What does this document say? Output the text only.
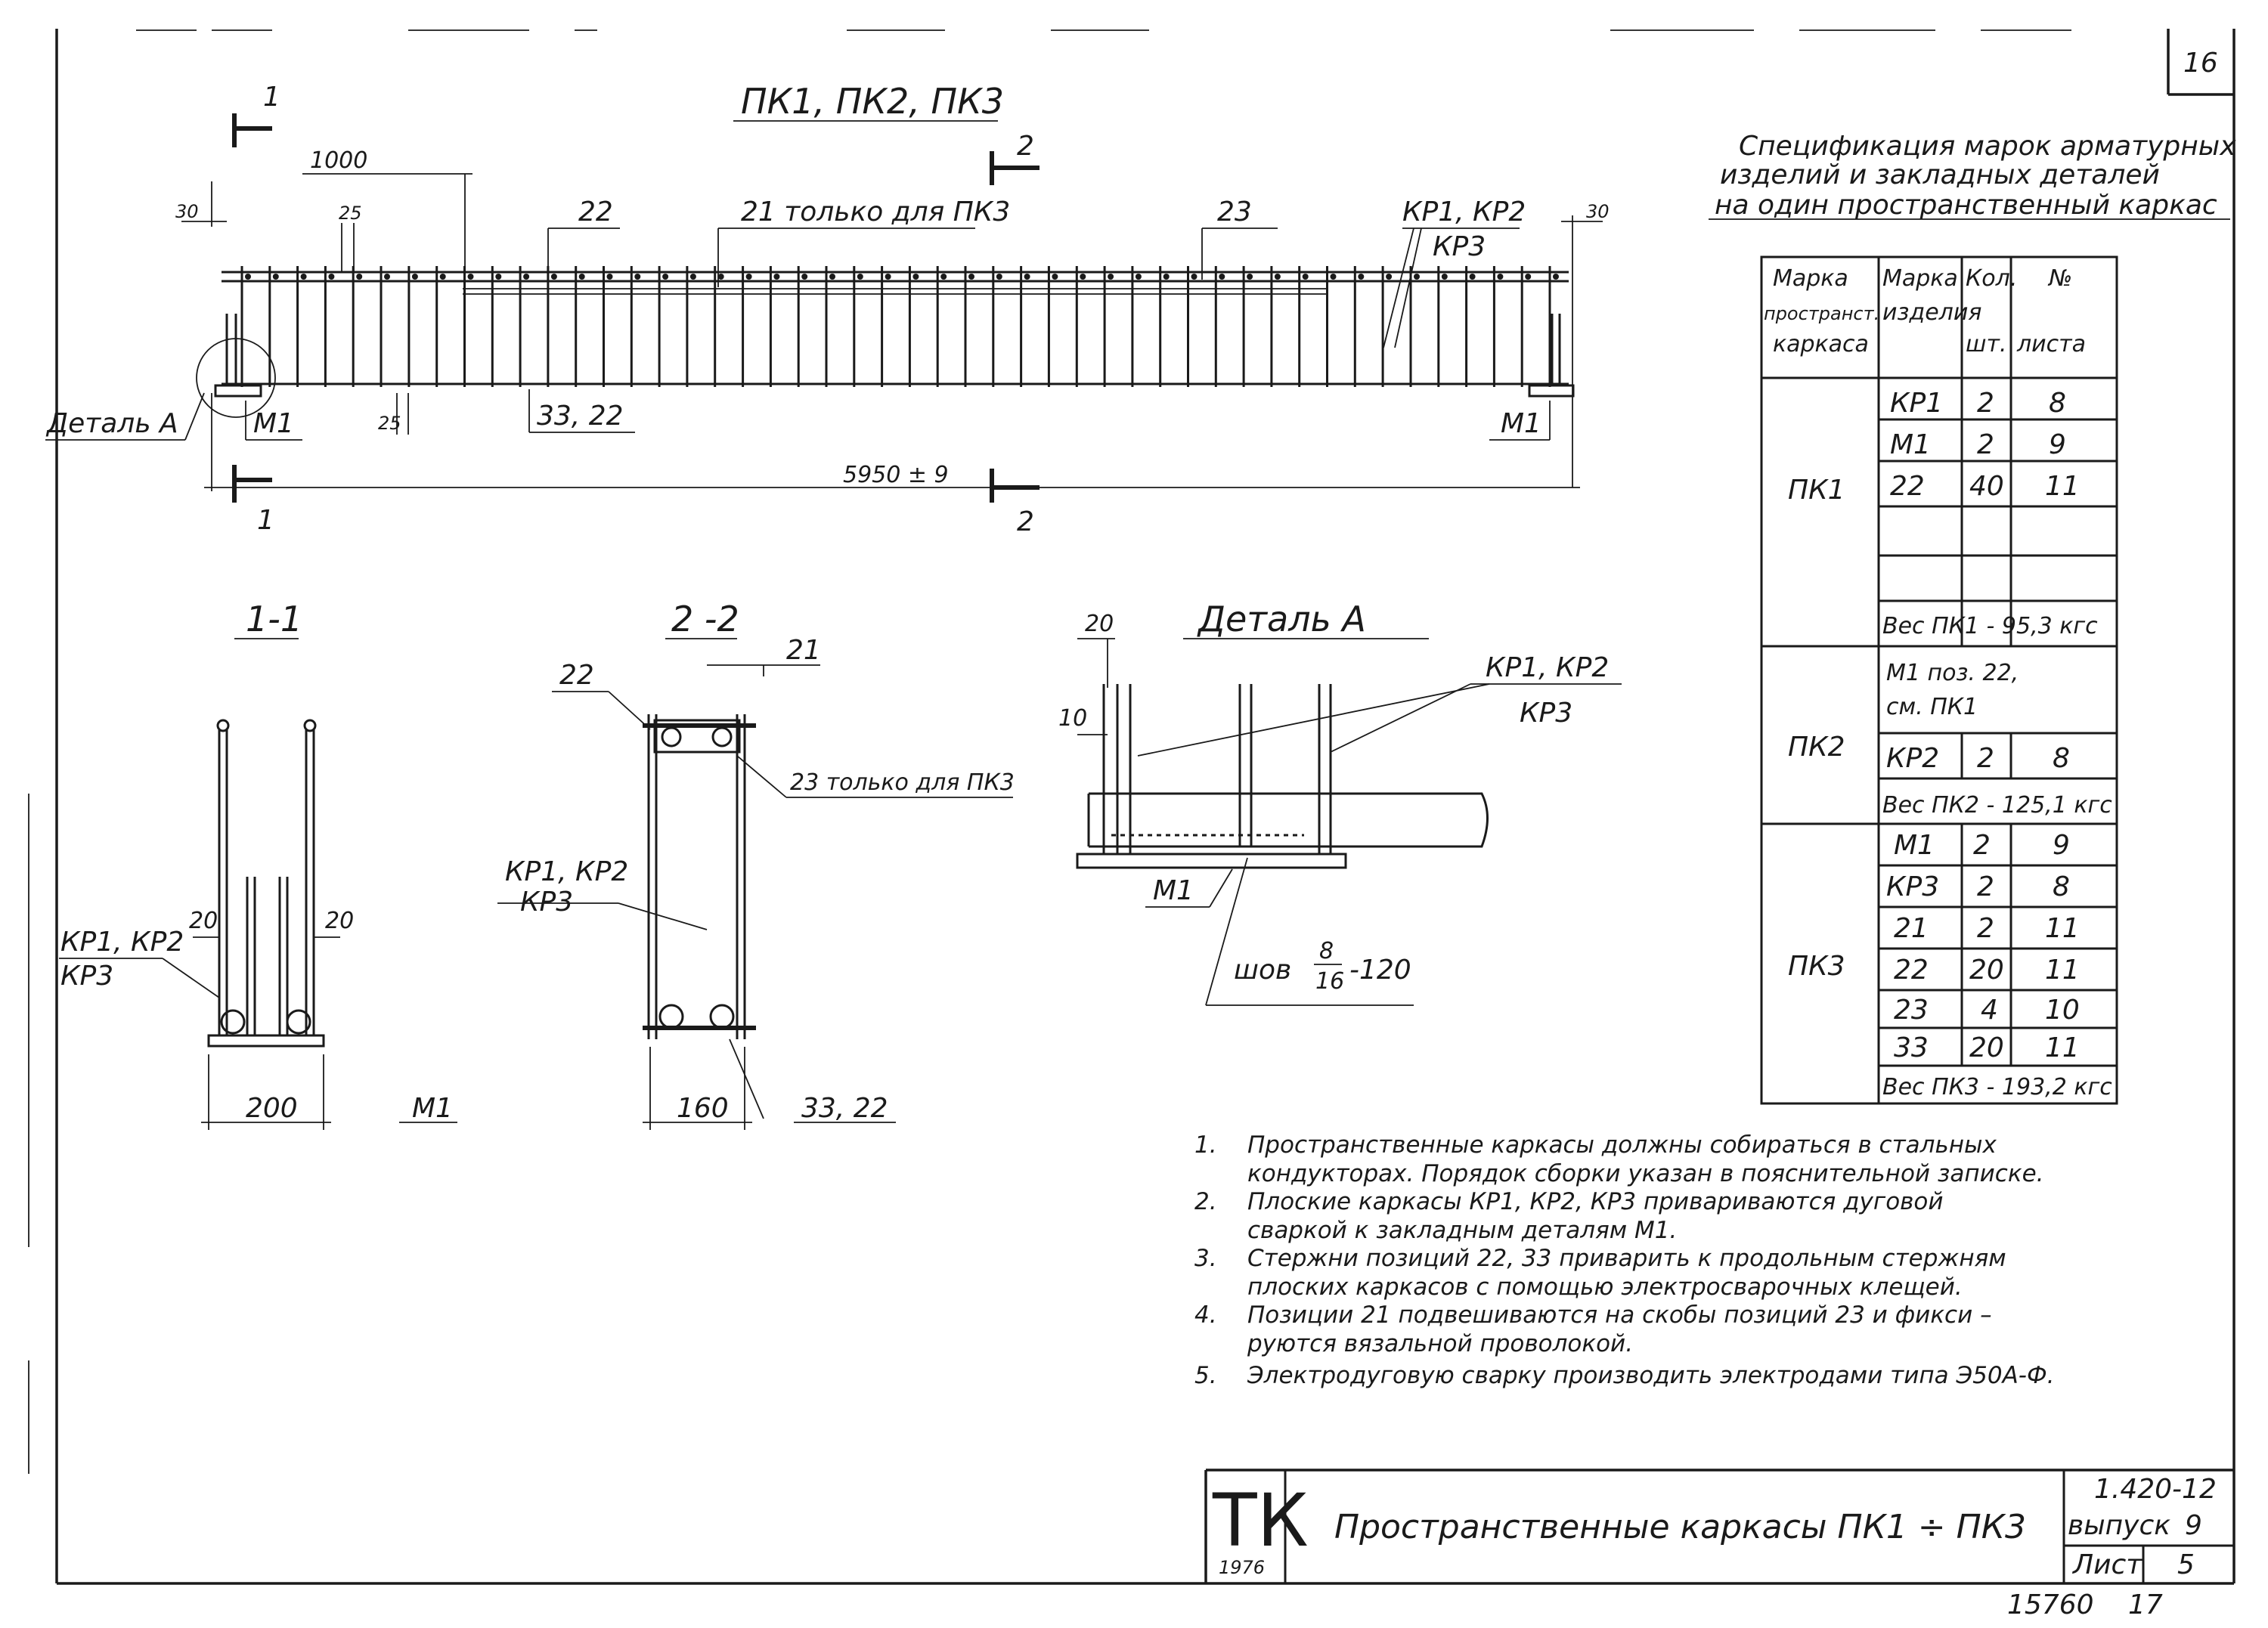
16
ПК1, ПК2, ПК3
1
1
2
2
1000
30	30
25
25
5950 ± 9
22	21 только для ПК3	23	КР1, КР2
КР3
33, 22
Деталь А	М1	М1
1-1
20	20
КР1, КР2
КР3
200	М1
2 -2
21
22
23 только для ПК3
КР1, КР2
КР3
160	33, 22
Деталь А
20
10
КР1, КР2
КР3
М1
шов
8
16 -120
Спецификация марок арматурных
изделий и закладных деталей
на один пространственный каркас
Марка
пространст.
каркаса
Марка
изделия
Кол.
шт.
№
листа
ПК1
КР1 2 8
М1 2 9
22 40 11
Вес ПК1 - 95,3 кгс
ПК2
М1 поз. 22,
см. ПК1
КР2 2 8
Вес ПК2 - 125,1 кгс
ПК3
М1 2 9
КР3 2 8
21 2 11
22 20 11
23 4 10
33 20 11
Вес ПК3 - 193,2 кгс
1. Пространственные каркасы должны собираться в стальных
кондукторах. Порядок сборки указан в пояснительной записке.
2. Плоские каркасы КР1, КР2, КР3 привариваются дуговой
сваркой к закладным деталям М1.
3. Стержни позиций 22, 33 приварить к продольным стержням
плоских каркасов с помощью электросварочных клещей.
4. Позиции 21 подвешиваются на скобы позиций 23 и фикси –
руются вязальной проволокой.
5. Электродуговую сварку производить электродами типа Э50А-Ф.
ТК
1976
Пространственные каркасы ПК1 ÷ ПК3
1.420-12
выпуск 9
Лист 5
15760 17
